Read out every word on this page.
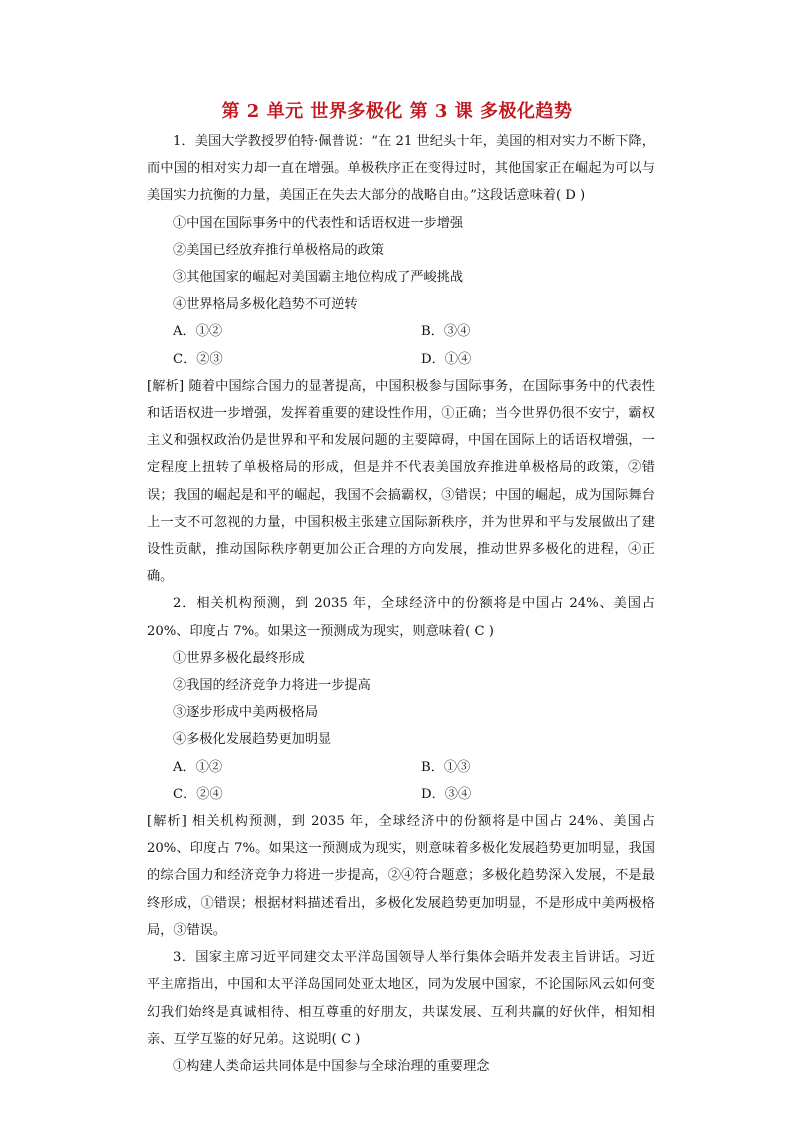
第 2 单元 世界多极化 第 3 课 多极化趋势

1．美国大学教授罗伯特·佩普说：“在 21 世纪头十年，美国的相对实力不断下降，而中国的相对实力却一直在增强。单极秩序正在变得过时，其他国家正在崛起为可以与美国实力抗衡的力量，美国正在失去大部分的战略自由。”这段话意味着( D )

①中国在国际事务中的代表性和话语权进一步增强

②美国已经放弃推行单极格局的政策

③其他国家的崛起对美国霸主地位构成了严峻挑战

④世界格局多极化趋势不可逆转

A．①②	B．③④
C．②③	D．①④

[解析] 随着中国综合国力的显著提高，中国积极参与国际事务，在国际事务中的代表性和话语权进一步增强，发挥着重要的建设性作用，①正确；当今世界仍很不安宁，霸权主义和强权政治仍是世界和平和发展问题的主要障碍，中国在国际上的话语权增强，一定程度上扭转了单极格局的形成，但是并不代表美国放弃推进单极格局的政策，②错误；我国的崛起是和平的崛起，我国不会搞霸权，③错误；中国的崛起，成为国际舞台上一支不可忽视的力量，中国积极主张建立国际新秩序，并为世界和平与发展做出了建设性贡献，推动国际秩序朝更加公正合理的方向发展，推动世界多极化的进程，④正确。

2．相关机构预测，到 2035 年，全球经济中的份额将是中国占 24%、美国占 20%、印度占 7%。如果这一预测成为现实，则意味着( C )

①世界多极化最终形成

②我国的经济竞争力将进一步提高

③逐步形成中美两极格局

④多极化发展趋势更加明显

A．①②	B．①③
C．②④	D．③④

[解析] 相关机构预测，到 2035 年，全球经济中的份额将是中国占 24%、美国占 20%、印度占 7%。如果这一预测成为现实，则意味着多极化发展趋势更加明显，我国的综合国力和经济竞争力将进一步提高，②④符合题意；多极化趋势深入发展，不是最终形成，①错误；根据材料描述看出，多极化发展趋势更加明显，不是形成中美两极格局，③错误。

3．国家主席习近平同建交太平洋岛国领导人举行集体会晤并发表主旨讲话。习近平主席指出，中国和太平洋岛国同处亚太地区，同为发展中国家，不论国际风云如何变幻我们始终是真诚相待、相互尊重的好朋友，共谋发展、互利共赢的好伙伴，相知相亲、互学互鉴的好兄弟。这说明( C )

①构建人类命运共同体是中国参与全球治理的重要理念
